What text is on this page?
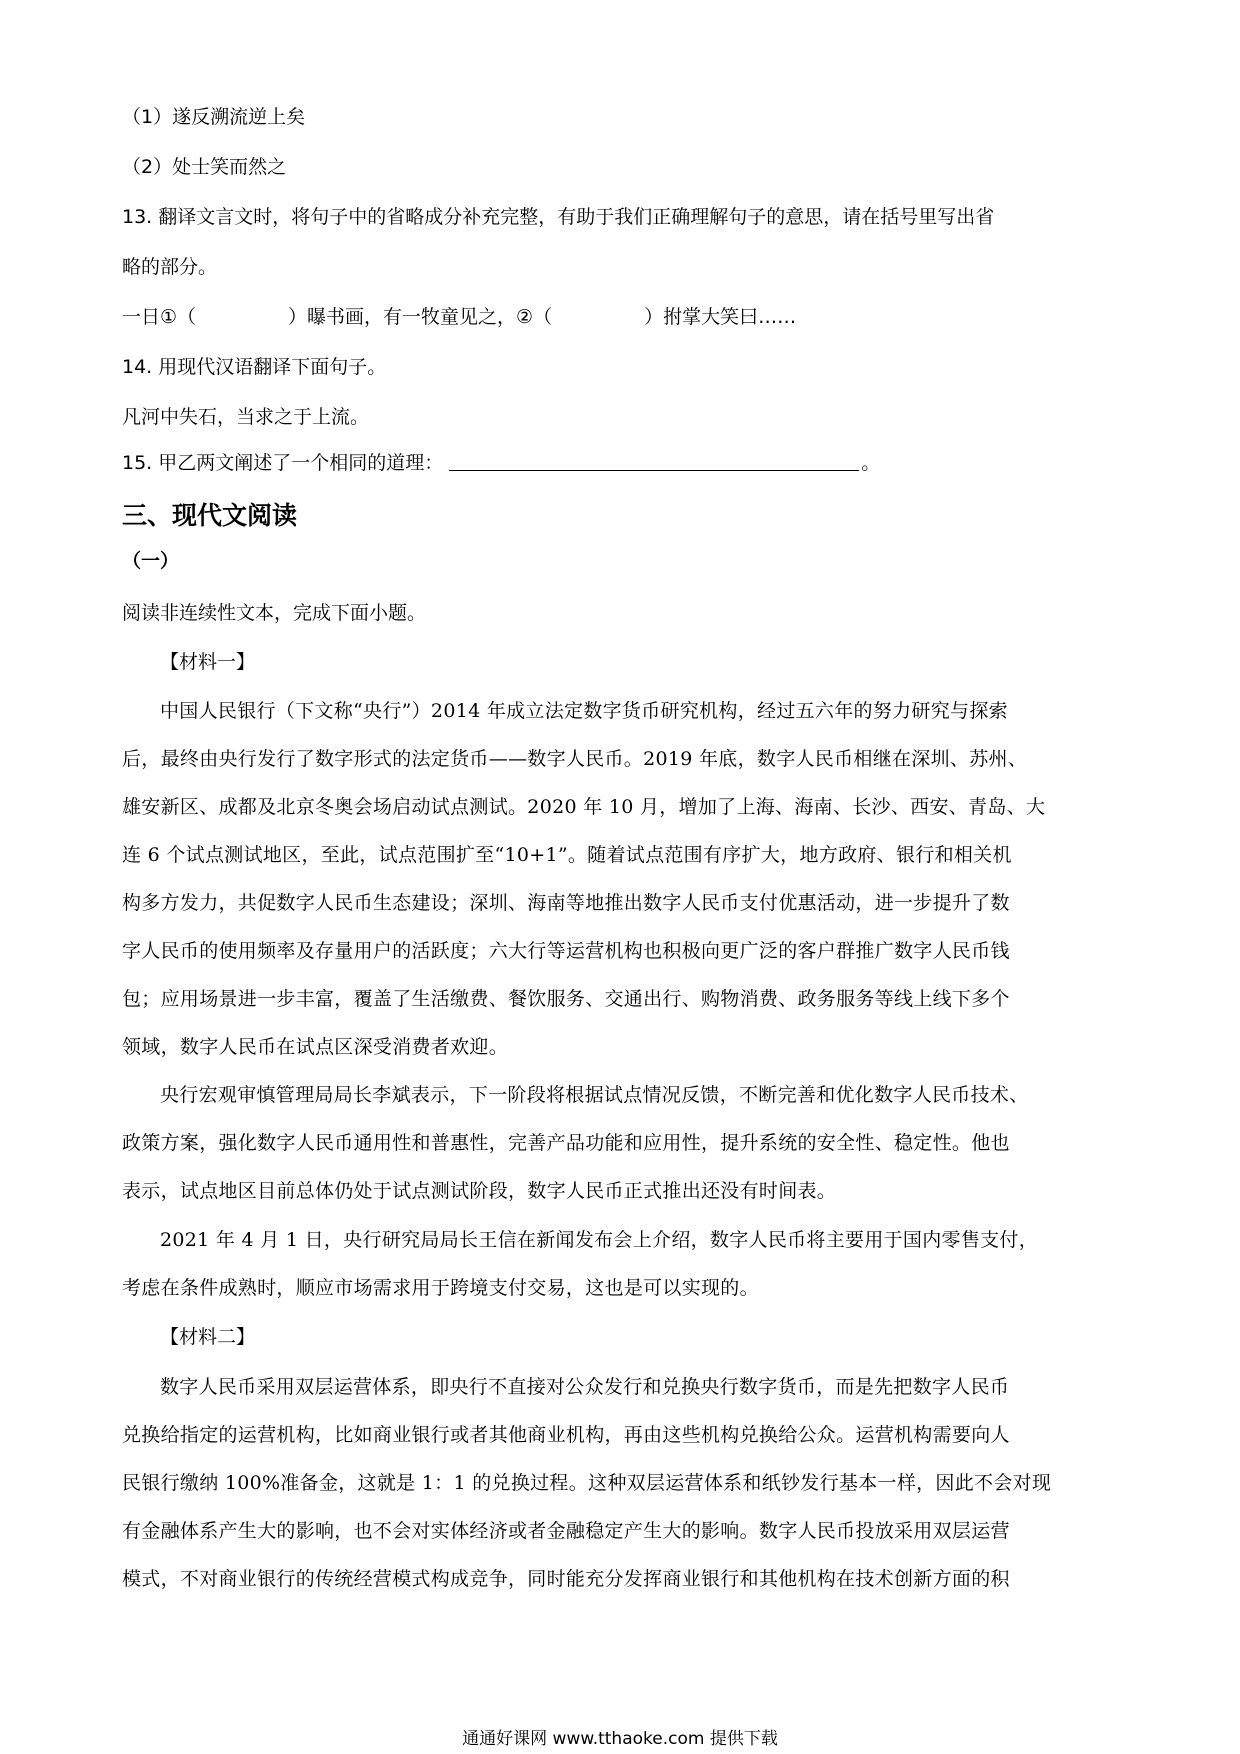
（1）遂反溯流逆上矣
（2）处士笑而然之
13. 翻译文言文时，将句子中的省略成分补充完整，有助于我们正确理解句子的意思，请在括号里写出省
略的部分。
一日①（	）曝书画，有一牧童见之，②（	）拊掌大笑曰……
14. 用现代汉语翻译下面句子。
凡河中失石，当求之于上流。
15. 甲乙两文阐述了一个相同的道理：	。
三、现代文阅读
（一）
阅读非连续性文本，完成下面小题。
【材料一】
中国人民银行（下文称“央行”）2014 年成立法定数字货币研究机构，经过五六年的努力研究与探索
后，最终由央行发行了数字形式的法定货币——数字人民币。2019 年底，数字人民币相继在深圳、苏州、
雄安新区、成都及北京冬奥会场启动试点测试。2020 年 10 月，增加了上海、海南、长沙、西安、青岛、大
连 6 个试点测试地区，至此，试点范围扩至“10+1”。随着试点范围有序扩大，地方政府、银行和相关机
构多方发力，共促数字人民币生态建设；深圳、海南等地推出数字人民币支付优惠活动，进一步提升了数
字人民币的使用频率及存量用户的活跃度；六大行等运营机构也积极向更广泛的客户群推广数字人民币钱
包；应用场景进一步丰富，覆盖了生活缴费、餐饮服务、交通出行、购物消费、政务服务等线上线下多个
领域，数字人民币在试点区深受消费者欢迎。
央行宏观审慎管理局局长李斌表示，下一阶段将根据试点情况反馈，不断完善和优化数字人民币技术、
政策方案，强化数字人民币通用性和普惠性，完善产品功能和应用性，提升系统的安全性、稳定性。他也
表示，试点地区目前总体仍处于试点测试阶段，数字人民币正式推出还没有时间表。
2021 年 4 月 1 日，央行研究局局长王信在新闻发布会上介绍，数字人民币将主要用于国内零售支付，
考虑在条件成熟时，顺应市场需求用于跨境支付交易，这也是可以实现的。
【材料二】
数字人民币采用双层运营体系，即央行不直接对公众发行和兑换央行数字货币，而是先把数字人民币
兑换给指定的运营机构，比如商业银行或者其他商业机构，再由这些机构兑换给公众。运营机构需要向人
民银行缴纳 100%准备金，这就是 1：1 的兑换过程。这种双层运营体系和纸钞发行基本一样，因此不会对现
有金融体系产生大的影响，也不会对实体经济或者金融稳定产生大的影响。数字人民币投放采用双层运营
模式，不对商业银行的传统经营模式构成竞争，同时能充分发挥商业银行和其他机构在技术创新方面的积
通通好课网 www.tthaoke.com 提供下载
